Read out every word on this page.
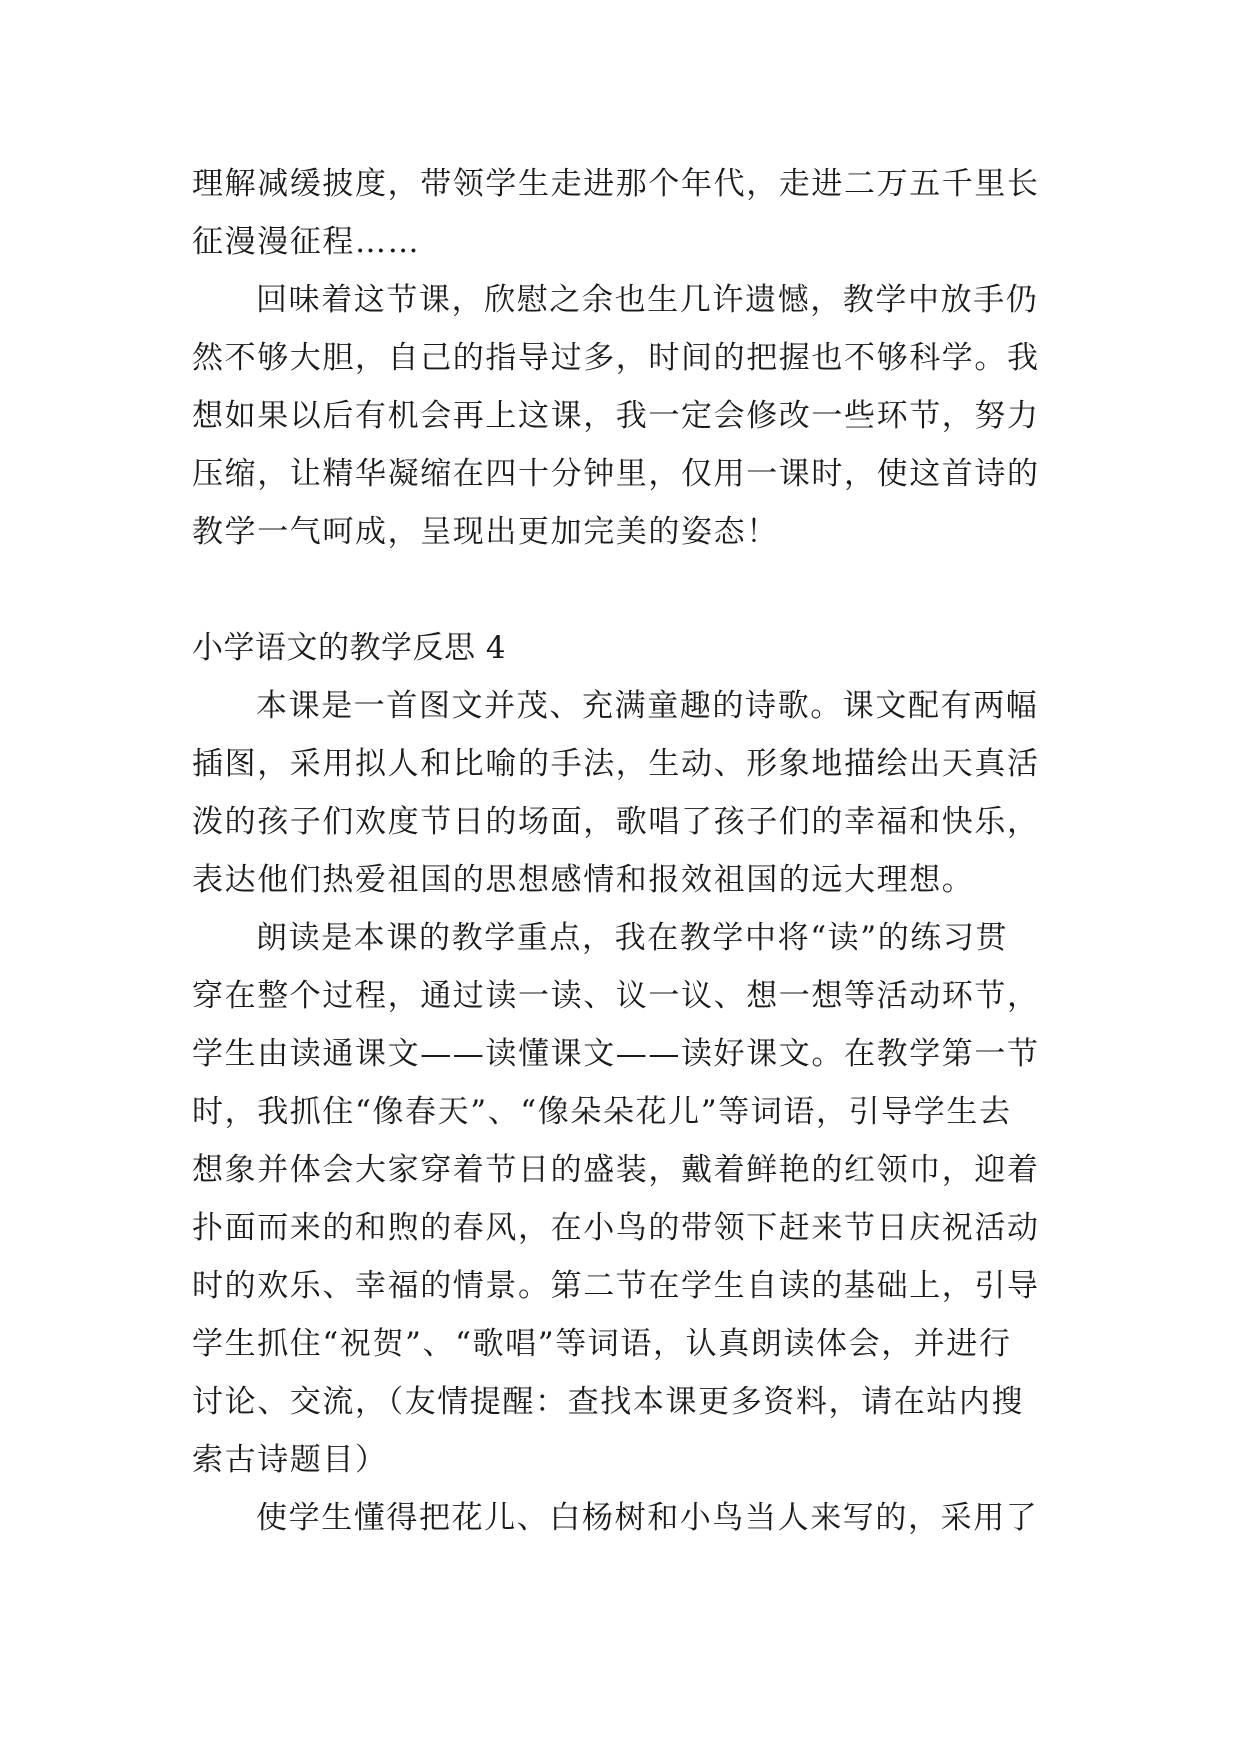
理解减缓披度，带领学生走进那个年代，走进二万五千里长
征漫漫征程……
回味着这节课，欣慰之余也生几许遗憾，教学中放手仍
然不够大胆，自己的指导过多，时间的把握也不够科学。我
想如果以后有机会再上这课，我一定会修改一些环节，努力
压缩，让精华凝缩在四十分钟里，仅用一课时，使这首诗的
教学一气呵成，呈现出更加完美的姿态！
小学语文的教学反思 4
本课是一首图文并茂、充满童趣的诗歌。课文配有两幅
插图，采用拟人和比喻的手法，生动、形象地描绘出天真活
泼的孩子们欢度节日的场面，歌唱了孩子们的幸福和快乐，
表达他们热爱祖国的思想感情和报效祖国的远大理想。
朗读是本课的教学重点，我在教学中将“读”的练习贯
穿在整个过程，通过读一读、议一议、想一想等活动环节，
学生由读通课文——读懂课文——读好课文。在教学第一节
时，我抓住“像春天”、“像朵朵花儿”等词语，引导学生去
想象并体会大家穿着节日的盛装，戴着鲜艳的红领巾，迎着
扑面而来的和煦的春风，在小鸟的带领下赶来节日庆祝活动
时的欢乐、幸福的情景。第二节在学生自读的基础上，引导
学生抓住“祝贺”、“歌唱”等词语，认真朗读体会，并进行
讨论、交流，（友情提醒：查找本课更多资料，请在站内搜
索古诗题目）
使学生懂得把花儿、白杨树和小鸟当人来写的，采用了
